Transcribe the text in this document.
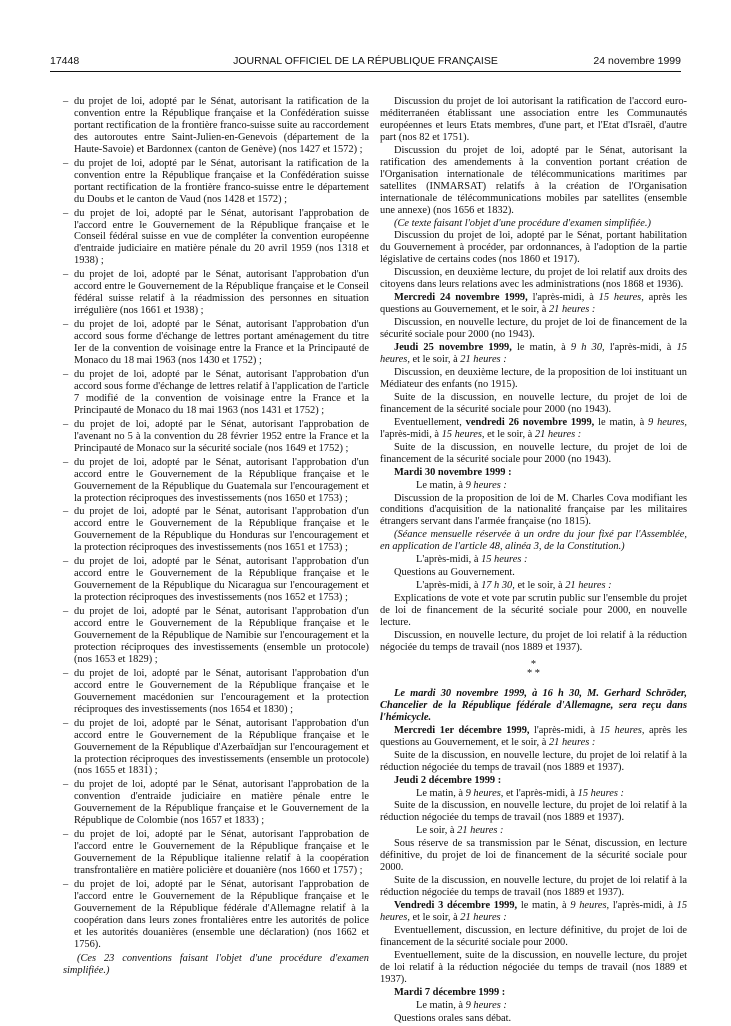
17448	JOURNAL OFFICIEL DE LA RÉPUBLIQUE FRANÇAISE	24 novembre 1999
– du projet de loi, adopté par le Sénat, autorisant la ratification de la convention entre la République française et la Confédération suisse portant rectification de la frontière franco-suisse suite au raccordement des autoroutes entre Saint-Julien-en-Genevois (département de la Haute-Savoie) et Bardonnex (canton de Genève) (nos 1427 et 1572) ;
– du projet de loi, adopté par le Sénat, autorisant la ratification de la convention entre la République française et la Confédération suisse portant rectification de la frontière franco-suisse entre le département du Doubs et le canton de Vaud (nos 1428 et 1572) ;
– du projet de loi, adopté par le Sénat, autorisant l'approbation de l'accord entre le Gouvernement de la République française et le Conseil fédéral suisse en vue de compléter la convention européenne d'entraide judiciaire en matière pénale du 20 avril 1959 (nos 1318 et 1938) ;
– du projet de loi, adopté par le Sénat, autorisant l'approbation d'un accord entre le Gouvernement de la République française et le Conseil fédéral suisse relatif à la réadmission des personnes en situation irrégulière (nos 1661 et 1938) ;
– du projet de loi, adopté par le Sénat, autorisant l'approbation d'un accord sous forme d'échange de lettres portant aménagement du titre Ier de la convention de voisinage entre la France et la Principauté de Monaco du 18 mai 1963 (nos 1430 et 1752) ;
– du projet de loi, adopté par le Sénat, autorisant l'approbation d'un accord sous forme d'échange de lettres relatif à l'application de l'article 7 modifié de la convention de voisinage entre la France et la Principauté de Monaco du 18 mai 1963 (nos 1431 et 1752) ;
– du projet de loi, adopté par le Sénat, autorisant l'approbation de l'avenant no 5 à la convention du 28 février 1952 entre la France et la Principauté de Monaco sur la sécurité sociale (nos 1649 et 1752) ;
– du projet de loi, adopté par le Sénat, autorisant l'approbation d'un accord entre le Gouvernement de la République française et le Gouvernement de la République du Guatemala sur l'encouragement et la protection réciproques des investissements (nos 1650 et 1753) ;
– du projet de loi, adopté par le Sénat, autorisant l'approbation d'un accord entre le Gouvernement de la République française et le Gouvernement de la République du Honduras sur l'encouragement et la protection réciproques des investissements (nos 1651 et 1753) ;
– du projet de loi, adopté par le Sénat, autorisant l'approbation d'un accord entre le Gouvernement de la République française et le Gouvernement de la République du Nicaragua sur l'encouragement et la protection réciproques des investissements (nos 1652 et 1753) ;
– du projet de loi, adopté par le Sénat, autorisant l'approbation d'un accord entre le Gouvernement de la République française et le Gouvernement de la République de Namibie sur l'encouragement et la protection réciproques des investissements (ensemble un protocole) (nos 1653 et 1829) ;
– du projet de loi, adopté par le Sénat, autorisant l'approbation d'un accord entre le Gouvernement de la République française et le Gouvernement macédonien sur l'encouragement et la protection réciproques des investissements (nos 1654 et 1830) ;
– du projet de loi, adopté par le Sénat, autorisant l'approbation d'un accord entre le Gouvernement de la République française et le Gouvernement de la République d'Azerbaïdjan sur l'encouragement et la protection réciproques des investissements (ensemble un protocole) (nos 1655 et 1831) ;
– du projet de loi, adopté par le Sénat, autorisant l'approbation de la convention d'entraide judiciaire en matière pénale entre le Gouvernement de la République française et le Gouvernement de la République de Colombie (nos 1657 et 1833) ;
– du projet de loi, adopté par le Sénat, autorisant l'approbation de l'accord entre le Gouvernement de la République française et le Gouvernement de la République italienne relatif à la coopération transfrontalière en matière policière et douanière (nos 1660 et 1757) ;
– du projet de loi, adopté par le Sénat, autorisant l'approbation de l'accord entre le Gouvernement de la République française et le Gouvernement de la République fédérale d'Allemagne relatif à la coopération dans leurs zones frontalières entre les autorités de police et les autorités douanières (ensemble une déclaration) (nos 1662 et 1756).
(Ces 23 conventions faisant l'objet d'une procédure d'examen simplifiée.)
Discussion du projet de loi autorisant la ratification de l'accord euro-méditerranéen établissant une association entre les Communautés européennes et leurs Etats membres, d'une part, et l'Etat d'Israël, d'autre part (nos 82 et 1751).
Discussion du projet de loi, adopté par le Sénat, autorisant la ratification des amendements à la convention portant création de l'Organisation internationale de télécommunications maritimes par satellites (INMARSAT) relatifs à la création de l'Organisation internationale de télécommunications mobiles par satellites (ensemble une annexe) (nos 1656 et 1832).
(Ce texte faisant l'objet d'une procédure d'examen simplifiée.)
Discussion du projet de loi, adopté par le Sénat, portant habilitation du Gouvernement à procéder, par ordonnances, à l'adoption de la partie législative de certains codes (nos 1860 et 1917).
Discussion, en deuxième lecture, du projet de loi relatif aux droits des citoyens dans leurs relations avec les administrations (nos 1868 et 1936).
Mercredi 24 novembre 1999, l'après-midi, à 15 heures, après les questions au Gouvernement, et le soir, à 21 heures :
Discussion, en nouvelle lecture, du projet de loi de financement de la sécurité sociale pour 2000 (no 1943).
Jeudi 25 novembre 1999, le matin, à 9 h 30, l'après-midi, à 15 heures, et le soir, à 21 heures :
Discussion, en deuxième lecture, de la proposition de loi instituant un Médiateur des enfants (no 1915).
Suite de la discussion, en nouvelle lecture, du projet de loi de financement de la sécurité sociale pour 2000 (no 1943).
Eventuellement, vendredi 26 novembre 1999, le matin, à 9 heures, l'après-midi, à 15 heures, et le soir, à 21 heures :
Suite de la discussion, en nouvelle lecture, du projet de loi de financement de la sécurité sociale pour 2000 (no 1943).
Mardi 30 novembre 1999 :
Le matin, à 9 heures :
Discussion de la proposition de loi de M. Charles Cova modifiant les conditions d'acquisition de la nationalité française par les militaires étrangers servant dans l'armée française (no 1815).
(Séance mensuelle réservée à un ordre du jour fixé par l'Assemblée, en application de l'article 48, alinéa 3, de la Constitution.)
L'après-midi, à 15 heures :
Questions au Gouvernement.
L'après-midi, à 17 h 30, et le soir, à 21 heures :
Explications de vote et vote par scrutin public sur l'ensemble du projet de loi de financement de la sécurité sociale pour 2000, en nouvelle lecture.
Discussion, en nouvelle lecture, du projet de loi relatif à la réduction négociée du temps de travail (nos 1889 et 1937).
*
* *
Le mardi 30 novembre 1999, à 16 h 30, M. Gerhard Schröder, Chancelier de la République fédérale d'Allemagne, sera reçu dans l'hémicycle.
Mercredi 1er décembre 1999, l'après-midi, à 15 heures, après les questions au Gouvernement, et le soir, à 21 heures :
Suite de la discussion, en nouvelle lecture, du projet de loi relatif à la réduction négociée du temps de travail (nos 1889 et 1937).
Jeudi 2 décembre 1999 :
Le matin, à 9 heures, et l'après-midi, à 15 heures :
Suite de la discussion, en nouvelle lecture, du projet de loi relatif à la réduction négociée du temps de travail (nos 1889 et 1937).
Le soir, à 21 heures :
Sous réserve de sa transmission par le Sénat, discussion, en lecture définitive, du projet de loi de financement de la sécurité sociale pour 2000.
Suite de la discussion, en nouvelle lecture, du projet de loi relatif à la réduction négociée du temps de travail (nos 1889 et 1937).
Vendredi 3 décembre 1999, le matin, à 9 heures, l'après-midi, à 15 heures, et le soir, à 21 heures :
Eventuellement, discussion, en lecture définitive, du projet de loi de financement de la sécurité sociale pour 2000.
Eventuellement, suite de la discussion, en nouvelle lecture, du projet de loi relatif à la réduction négociée du temps de travail (nos 1889 et 1937).
Mardi 7 décembre 1999 :
Le matin, à 9 heures :
Questions orales sans débat.
